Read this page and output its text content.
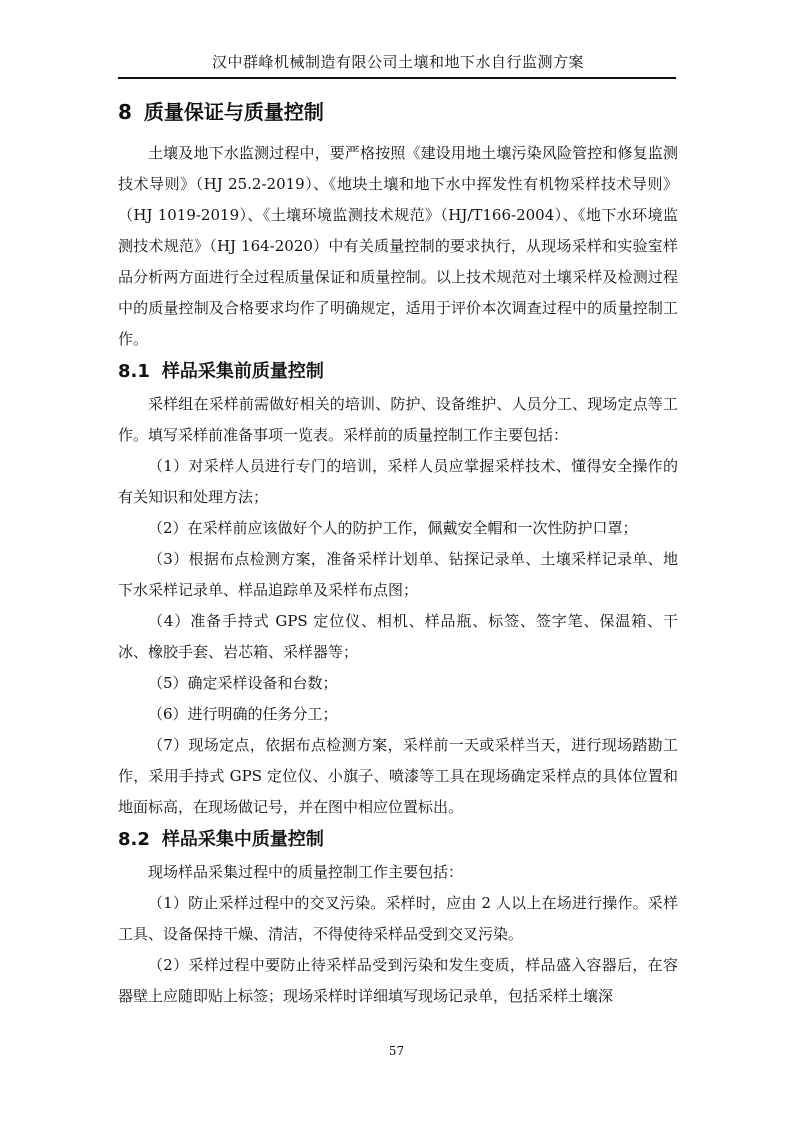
汉中群峰机械制造有限公司土壤和地下水自行监测方案
8 质量保证与质量控制

土壤及地下水监测过程中，要严格按照《建设用地土壤污染风险管控和修复监测技术导则》（HJ 25.2-2019）、《地块土壤和地下水中挥发性有机物采样技术导则》（HJ 1019-2019）、《土壤环境监测技术规范》（HJ/T166-2004）、《地下水环境监测技术规范》（HJ 164-2020）中有关质量控制的要求执行，从现场采样和实验室样品分析两方面进行全过程质量保证和质量控制。以上技术规范对土壤采样及检测过程中的质量控制及合格要求均作了明确规定，适用于评价本次调查过程中的质量控制工作。

8.1 样品采集前质量控制

采样组在采样前需做好相关的培训、防护、设备维护、人员分工、现场定点等工作。填写采样前准备事项一览表。采样前的质量控制工作主要包括：

（1）对采样人员进行专门的培训，采样人员应掌握采样技术、懂得安全操作的有关知识和处理方法；

（2）在采样前应该做好个人的防护工作，佩戴安全帽和一次性防护口罩；

（3）根据布点检测方案，准备采样计划单、钻探记录单、土壤采样记录单、地下水采样记录单、样品追踪单及采样布点图；

（4）准备手持式 GPS 定位仪、相机、样品瓶、标签、签字笔、保温箱、干冰、橡胶手套、岩芯箱、采样器等；

（5）确定采样设备和台数；

（6）进行明确的任务分工；

（7）现场定点，依据布点检测方案，采样前一天或采样当天，进行现场踏勘工作，采用手持式 GPS 定位仪、小旗子、喷漆等工具在现场确定采样点的具体位置和地面标高，在现场做记号，并在图中相应位置标出。

8.2 样品采集中质量控制

现场样品采集过程中的质量控制工作主要包括：

（1）防止采样过程中的交叉污染。采样时，应由 2 人以上在场进行操作。采样工具、设备保持干燥、清洁，不得使待采样品受到交叉污染。

（2）采样过程中要防止待采样品受到污染和发生变质，样品盛入容器后，在容器壁上应随即贴上标签；现场采样时详细填写现场记录单，包括采样土壤深

57
